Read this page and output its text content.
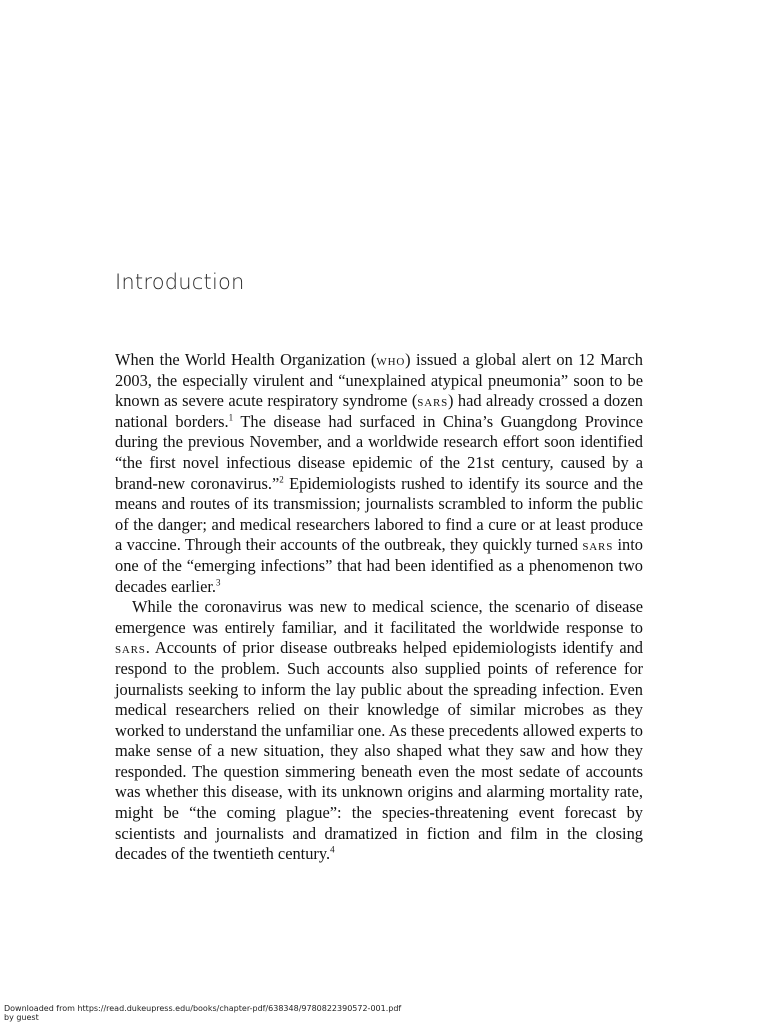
Introduction

When the World Health Organization (who) issued a global alert on 12 March 2003, the especially virulent and “unexplained atypical pneumonia” soon to be known as severe acute respiratory syndrome (sars) had already crossed a dozen national borders.$^1$ The disease had surfaced in China’s Guangdong Province during the previous November, and a worldwide research effort soon identified “the first novel infectious disease epidemic of the 21st century, caused by a brand-new coronavirus.”$^2$ Epidemiologists rushed to identify its source and the means and routes of its transmission; journalists scrambled to inform the public of the danger; and medical researchers labored to find a cure or at least produce a vaccine. Through their accounts of the outbreak, they quickly turned sars into one of the “emerging infections” that had been identified as a phenomenon two decades earlier.$^3$

While the coronavirus was new to medical science, the scenario of disease emergence was entirely familiar, and it facilitated the worldwide response to sars. Accounts of prior disease outbreaks helped epidemiologists identify and respond to the problem. Such accounts also supplied points of reference for journalists seeking to inform the lay public about the spreading infection. Even medical researchers relied on their knowledge of similar microbes as they worked to understand the unfamiliar one. As these precedents allowed experts to make sense of a new situation, they also shaped what they saw and how they responded. The question simmering beneath even the most sedate of accounts was whether this disease, with its unknown origins and alarming mortality rate, might be “the coming plague”: the species-threatening event forecast by scientists and journalists and dramatized in fiction and film in the closing decades of the twentieth century.$^4$

Downloaded from https://read.dukeupress.edu/books/chapter-pdf/638348/9780822390572-001.pdf
by guest
